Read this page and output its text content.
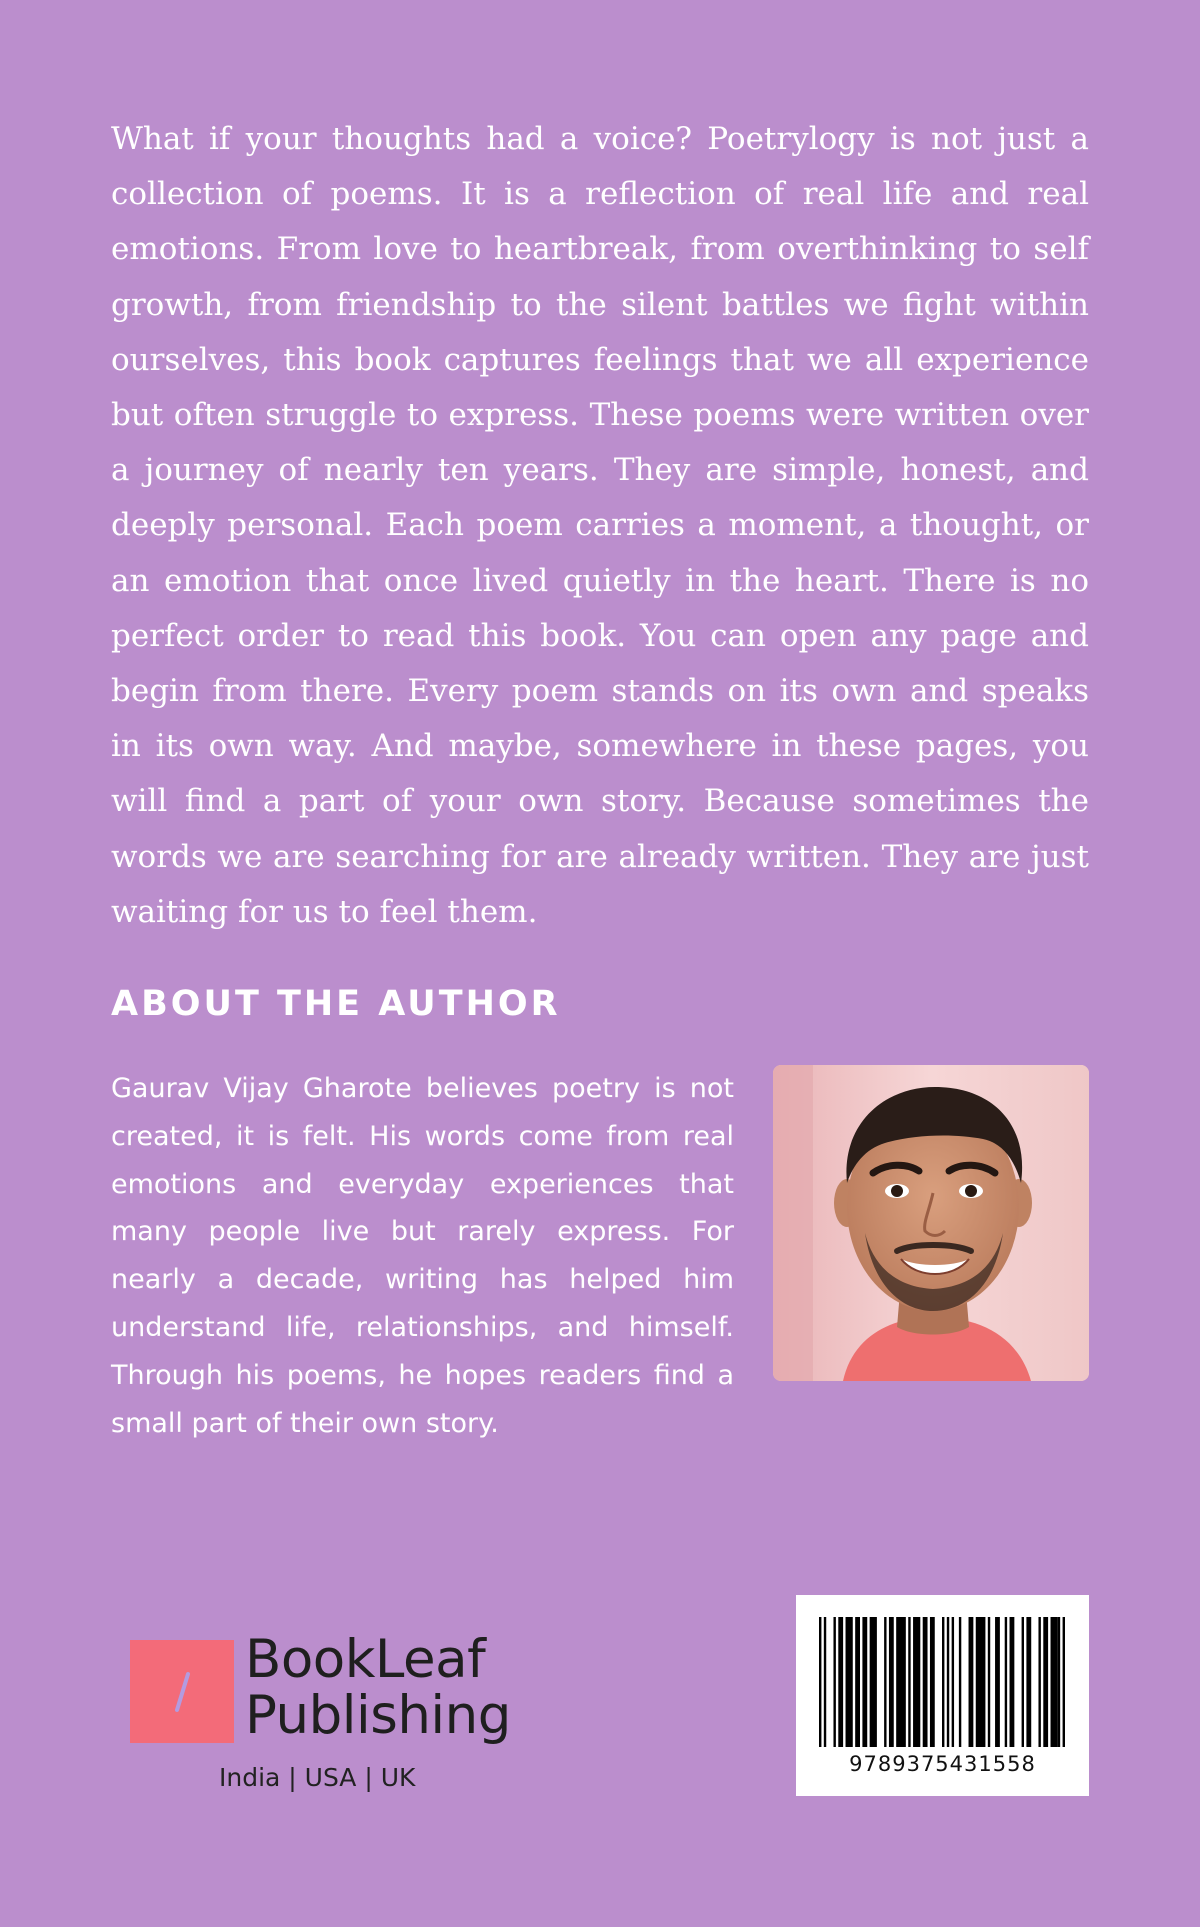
What if your thoughts had a voice? Poetrylogy is not just a collection of poems. It is a reflection of real life and real emotions. From love to heartbreak, from overthinking to self growth, from friendship to the silent battles we fight within ourselves, this book captures feelings that we all experience but often struggle to express. These poems were written over a journey of nearly ten years. They are simple, honest, and deeply personal. Each poem carries a moment, a thought, or an emotion that once lived quietly in the heart. There is no perfect order to read this book. You can open any page and begin from there. Every poem stands on its own and speaks in its own way. And maybe, somewhere in these pages, you will find a part of your own story. Because sometimes the words we are searching for are already written. They are just waiting for us to feel them.

ABOUT THE AUTHOR

Gaurav Vijay Gharote believes poetry is not created, it is felt. His words come from real emotions and everyday experiences that many people live but rarely express. For nearly a decade, writing has helped him understand life, relationships, and himself. Through his poems, he hopes readers find a small part of their own story.

BookLeaf
Publishing
India | USA | UK	9789375431558
